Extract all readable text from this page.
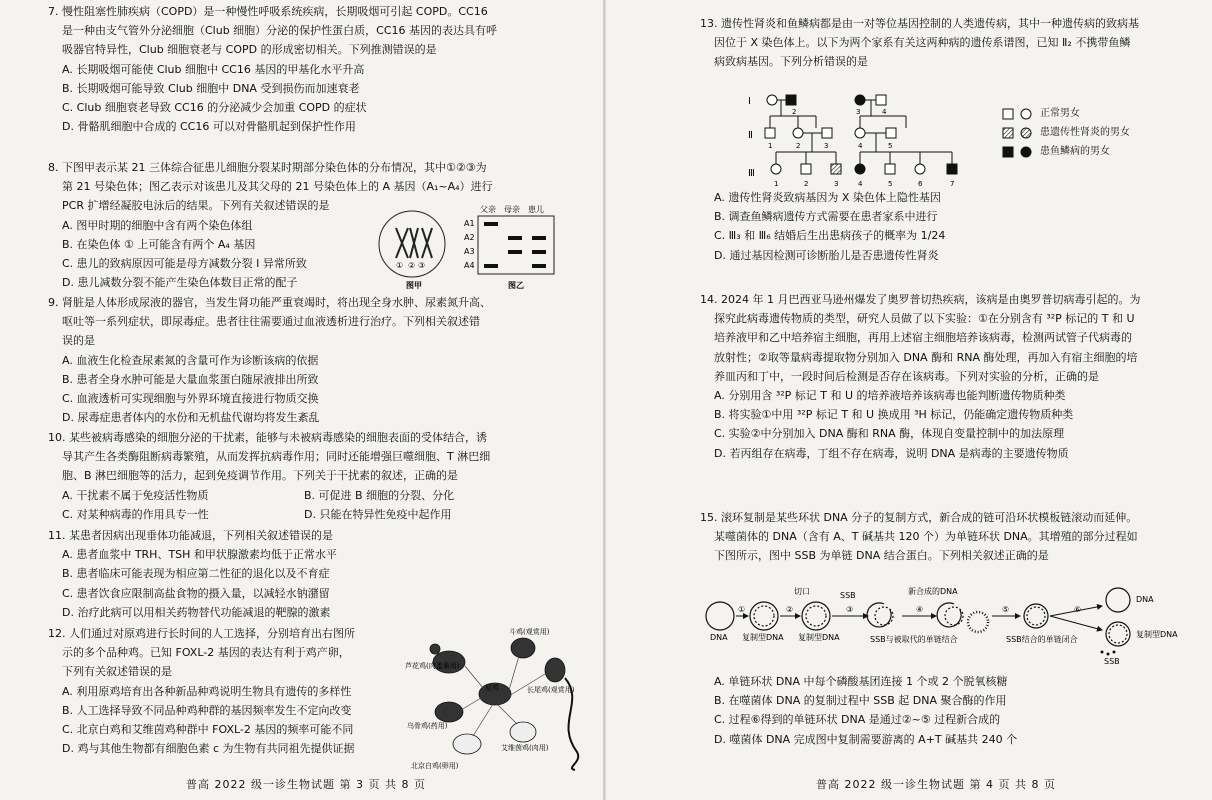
7. 慢性阻塞性肺疾病（COPD）是一种慢性呼吸系统疾病，长期吸烟可引起 COPD。CC16

是一种由支气管外分泌细胞（Club 细胞）分泌的保护性蛋白质，CC16 基因的表达具有呼

吸器官特异性，Club 细胞衰老与 COPD 的形成密切相关。下列推测错误的是

A. 长期吸烟可能使 Club 细胞中 CC16 基因的甲基化水平升高

B. 长期吸烟可能导致 Club 细胞中 DNA 受到损伤而加速衰老

C. Club 细胞衰老导致 CC16 的分泌减少会加重 COPD 的症状

D. 骨骼肌细胞中合成的 CC16 可以对骨骼肌起到保护性作用

8. 下图甲表示某 21 三体综合征患儿细胞分裂某时期部分染色体的分布情况，其中①②③为

第 21 号染色体；图乙表示对该患儿及其父母的 21 号染色体上的 A 基因（A₁~A₄）进行

PCR 扩增经凝胶电泳后的结果。下列有关叙述错误的是

A. 图甲时期的细胞中含有两个染色体组

B. 在染色体 ① 上可能含有两个 A₄ 基因

C. 患儿的致病原因可能是母方减数分裂 Ⅰ 异常所致

D. 患儿减数分裂不能产生染色体数目正常的配子

① ② ③
图甲
父亲 母亲 患儿
A1
A2
A3
A4
图乙

9. 肾脏是人体形成尿液的器官，当发生肾功能严重衰竭时，将出现全身水肿、尿素氮升高、

呕吐等一系列症状，即尿毒症。患者往往需要通过血液透析进行治疗。下列相关叙述错

误的是

A. 血液生化检查尿素氮的含量可作为诊断该病的依据

B. 患者全身水肿可能是大量血浆蛋白随尿液排出所致

C. 血液透析可实现细胞与外界环境直接进行物质交换

D. 尿毒症患者体内的水份和无机盐代谢均将发生紊乱

10. 某些被病毒感染的细胞分泌的干扰素，能够与未被病毒感染的细胞表面的受体结合，诱

导其产生各类酶阻断病毒繁殖，从而发挥抗病毒作用；同时还能增强巨噬细胞、T 淋巴细

胞、B 淋巴细胞等的活力，起到免疫调节作用。下列关于干扰素的叙述，正确的是

A. 干扰素不属于免疫活性物质	B. 可促进 B 细胞的分裂、分化

C. 对某种病毒的作用具专一性	D. 只能在特异性免疫中起作用

11. 某患者因病出现垂体功能减退，下列相关叙述错误的是

A. 患者血浆中 TRH、TSH 和甲状腺激素均低于正常水平

B. 患者临床可能表现为相应第二性征的退化以及不育症

C. 患者饮食应限制高盐食物的摄入量，以减轻水钠潴留

D. 治疗此病可以用相关药物替代功能减退的靶腺的激素

12. 人们通过对原鸡进行长时间的人工选择，分别培育出右图所

示的多个品种鸡。已知 FOXL-2 基因的表达有利于鸡产卵，

下列有关叙述错误的是

A. 利用原鸡培育出各种新品种鸡说明生物具有遗传的多样性

B. 人工选择导致不同品种鸡种群的基因频率发生不定向改变

C. 北京白鸡和艾维茵鸡种群中 FOXL-2 基因的频率可能不同

D. 鸡与其他生物都有细胞色素 c 为生物有共同祖先提供证据

芦花鸡(肉蛋兼用)
斗鸡(观赏用)
长尾鸡(观赏用)
乌骨鸡(药用)
原鸡
艾维茵鸡(肉用)
北京白鸡(卵用)
普高 2022 级一诊生物试题 第 3 页 共 8 页

13. 遗传性肾炎和鱼鳞病都是由一对等位基因控制的人类遗传病，其中一种遗传病的致病基

因位于 X 染色体上。以下为两个家系有关这两种病的遗传系谱图，已知 Ⅱ₂ 不携带鱼鳞

病致病基因。下列分析错误的是

Ⅰ
Ⅱ
Ⅲ
2	3	4
1	2	3	4	5
1	2	3	4	5	6	7
正常男女
患遗传性肾炎的男女
患鱼鳞病的男女

A. 遗传性肾炎致病基因为 X 染色体上隐性基因

B. 调查鱼鳞病遗传方式需要在患者家系中进行

C. Ⅲ₃ 和 Ⅲ₆ 结婚后生出患病孩子的概率为 1/24

D. 通过基因检测可诊断胎儿是否患遗传性肾炎

14. 2024 年 1 月巴西亚马逊州爆发了奥罗普切热疾病，该病是由奥罗普切病毒引起的。为

探究此病毒遗传物质的类型，研究人员做了以下实验：①在分别含有 ³²P 标记的 T 和 U

培养液甲和乙中培养宿主细胞，再用上述宿主细胞培养该病毒，检测两试管子代病毒的

放射性；②取等量病毒提取物分别加入 DNA 酶和 RNA 酶处理，再加入有宿主细胞的培

养皿丙和丁中，一段时间后检测是否存在该病毒。下列对实验的分析，正确的是

A. 分别用含 ³²P 标记 T 和 U 的培养液培养该病毒也能判断遗传物质种类

B. 将实验①中用 ³²P 标记 T 和 U 换成用 ³H 标记，仍能确定遗传物质种类

C. 实验②中分别加入 DNA 酶和 RNA 酶，体现自变量控制中的加法原理

D. 若丙组存在病毒，丁组不存在病毒，说明 DNA 是病毒的主要遗传物质

15. 滚环复制是某些环状 DNA 分子的复制方式，新合成的链可沿环状模板链滚动而延伸。

某噬菌体的 DNA（含有 A、T 碱基共 120 个）为单链环状 DNA。其增殖的部分过程如

下图所示，图中 SSB 为单链 DNA 结合蛋白。下列相关叙述正确的是

①	②	③	④	⑤	⑥
DNA 复制型DNA 复制型DNA
切口	SSB	新合成的DNA
SSB与被取代的单链结合	SSB结合的单链闭合
DNA
复制型DNA
SSB

A. 单链环状 DNA 中每个磷酸基团连接 1 个或 2 个脱氧核糖

B. 在噬菌体 DNA 的复制过程中 SSB 起 DNA 聚合酶的作用

C. 过程⑥得到的单链环状 DNA 是通过②~⑤ 过程新合成的

D. 噬菌体 DNA 完成图中复制需要游离的 A+T 碱基共 240 个

普高 2022 级一诊生物试题 第 4 页 共 8 页
